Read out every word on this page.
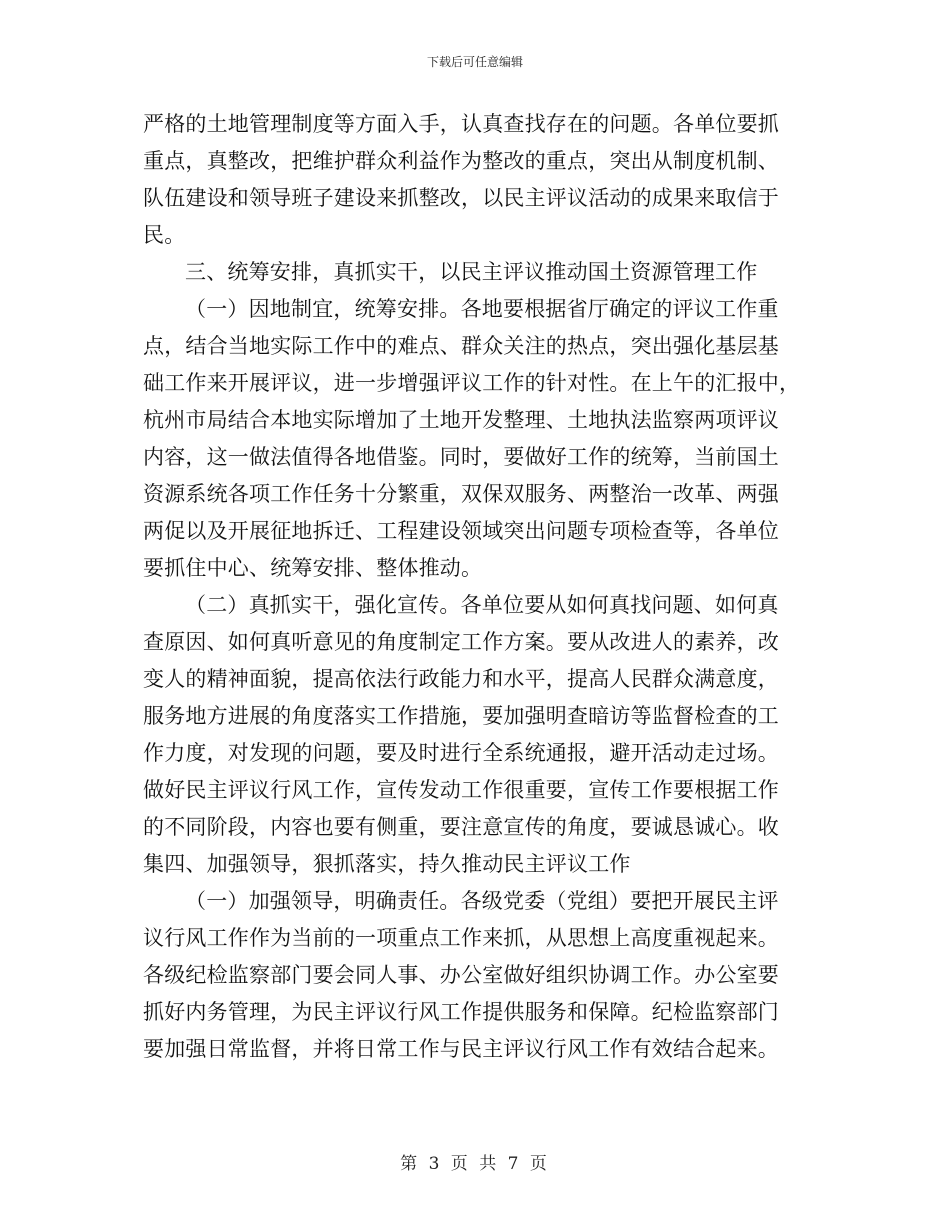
下载后可任意编辑
严格的土地管理制度等方面入手，认真查找存在的问题。各单位要抓
重点，真整改，把维护群众利益作为整改的重点，突出从制度机制、
队伍建设和领导班子建设来抓整改，以民主评议活动的成果来取信于
民。
三、统筹安排，真抓实干，以民主评议推动国土资源管理工作
（一）因地制宜，统筹安排。各地要根据省厅确定的评议工作重
点，结合当地实际工作中的难点、群众关注的热点，突出强化基层基
础工作来开展评议，进一步增强评议工作的针对性。在上午的汇报中，
杭州市局结合本地实际增加了土地开发整理、土地执法监察两项评议
内容，这一做法值得各地借鉴。同时，要做好工作的统筹，当前国土
资源系统各项工作任务十分繁重，双保双服务、两整治一改革、两强
两促以及开展征地拆迁、工程建设领域突出问题专项检查等，各单位
要抓住中心、统筹安排、整体推动。
（二）真抓实干，强化宣传。各单位要从如何真找问题、如何真
查原因、如何真听意见的角度制定工作方案。要从改进人的素养，改
变人的精神面貌，提高依法行政能力和水平，提高人民群众满意度，
服务地方进展的角度落实工作措施，要加强明查暗访等监督检查的工
作力度，对发现的问题，要及时进行全系统通报，避开活动走过场。
做好民主评议行风工作，宣传发动工作很重要，宣传工作要根据工作
的不同阶段，内容也要有侧重，要注意宣传的角度，要诚恳诚心。收
集四、加强领导，狠抓落实，持久推动民主评议工作
（一）加强领导，明确责任。各级党委（党组）要把开展民主评
议行风工作作为当前的一项重点工作来抓，从思想上高度重视起来。
各级纪检监察部门要会同人事、办公室做好组织协调工作。办公室要
抓好内务管理，为民主评议行风工作提供服务和保障。纪检监察部门
要加强日常监督，并将日常工作与民主评议行风工作有效结合起来。
第 3 页 共 7 页
